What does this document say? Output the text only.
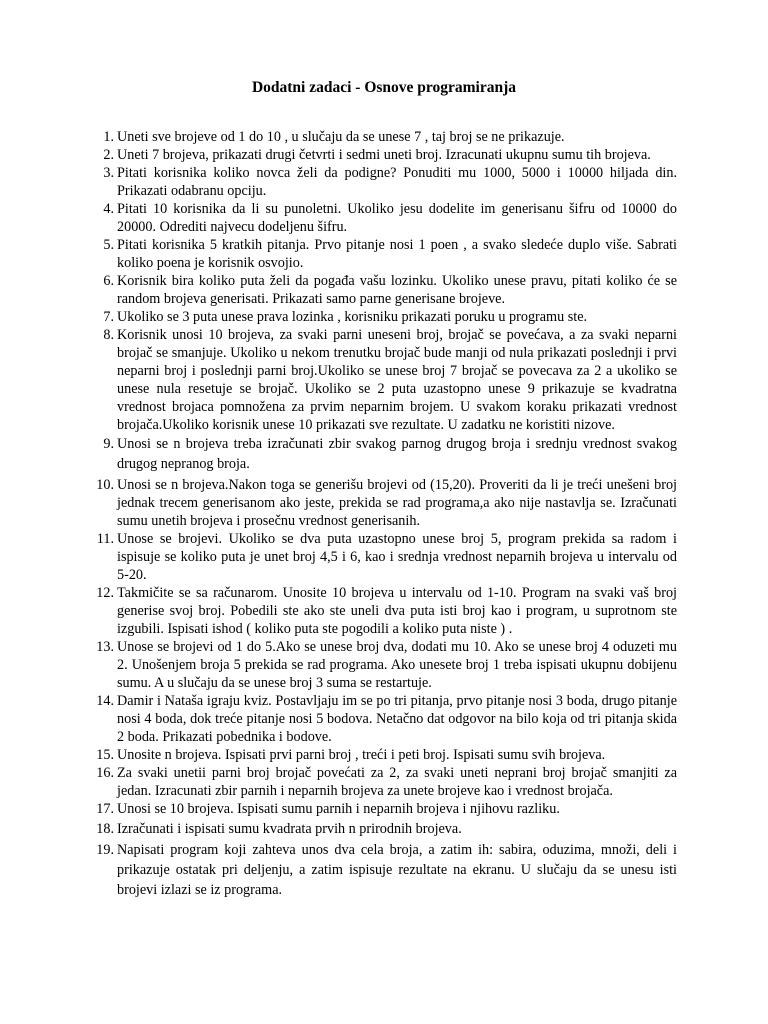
Dodatni zadaci - Osnove programiranja
1. Uneti sve brojeve od 1 do 10 , u slučaju da se unese 7 , taj broj se ne prikazuje.
2. Uneti 7 brojeva, prikazati drugi četvrti i sedmi uneti broj. Izracunati ukupnu sumu tih brojeva.
3. Pitati korisnika koliko novca želi da podigne? Ponuditi mu 1000, 5000 i 10000 hiljada din. Prikazati odabranu opciju.
4. Pitati 10 korisnika da li su punoletni. Ukoliko jesu dodelite im generisanu šifru od 10000 do 20000. Odrediti najvecu dodeljenu šifru.
5. Pitati korisnika 5 kratkih pitanja. Prvo pitanje nosi 1 poen , a svako sledeće duplo više. Sabrati koliko poena je korisnik osvojio.
6. Korisnik bira koliko puta želi da pogađa vašu lozinku. Ukoliko unese pravu, pitati koliko će se random brojeva generisati. Prikazati samo parne generisane brojeve.
7. Ukoliko se 3 puta unese prava lozinka , korisniku prikazati poruku u programu ste.
8. Korisnik unosi 10 brojeva, za svaki parni uneseni broj, brojač se povećava, a za svaki neparni brojač se smanjuje. Ukoliko u nekom trenutku brojač bude manji od nula prikazati poslednji i prvi neparni broj i poslednji parni broj.Ukoliko se unese broj 7 brojač se povecava za 2 a ukoliko se unese nula resetuje se brojač. Ukoliko se 2 puta uzastopno unese 9 prikazuje se kvadratna vrednost brojaca pomnožena za prvim neparnim brojem. U svakom koraku prikazati vrednost brojača.Ukoliko korisnik unese 10 prikazati sve rezultate. U zadatku ne koristiti nizove.
9. Unosi se n brojeva treba izračunati zbir svakog parnog drugog broja i srednju vrednost svakog drugog nepranog broja.
10. Unosi se n brojeva.Nakon toga se generišu brojevi od (15,20). Proveriti da li je treći unešeni broj jednak trecem generisanom ako jeste, prekida se rad programa,a ako nije nastavlja se. Izračunati sumu unetih brojeva i prosečnu vrednost generisanih.
11. Unose se brojevi. Ukoliko se dva puta uzastopno unese broj 5, program prekida sa radom i ispisuje se koliko puta je unet broj 4,5 i 6, kao i srednja vrednost neparnih brojeva u intervalu od 5-20.
12. Takmičite se sa računarom. Unosite 10 brojeva u intervalu od 1-10. Program na svaki vaš broj generise svoj broj. Pobedili ste ako ste uneli dva puta isti broj kao i program, u suprotnom ste izgubili. Ispisati ishod ( koliko puta ste pogodili a koliko puta niste ) .
13. Unose se brojevi od 1 do 5.Ako se unese broj dva, dodati mu 10. Ako se unese broj 4 oduzeti mu 2. Unošenjem broja 5 prekida se rad programa. Ako unesete broj 1 treba ispisati ukupnu dobijenu sumu. A u slučaju da se unese broj 3 suma se restartuje.
14. Damir i Nataša igraju kviz. Postavljaju im se po tri pitanja, prvo pitanje nosi 3 boda, drugo pitanje nosi 4 boda, dok treće pitanje nosi 5 bodova. Netačno dat odgovor na bilo koja od tri pitanja skida 2 boda. Prikazati pobednika i bodove.
15. Unosite n brojeva. Ispisati prvi parni broj , treći i peti broj. Ispisati sumu svih brojeva.
16. Za svaki unetii parni broj brojač povećati za 2, za svaki uneti neprani broj brojač smanjiti za jedan. Izracunati zbir parnih i neparnih brojeva za unete brojeve kao i vrednost brojača.
17. Unosi se 10 brojeva. Ispisati sumu parnih i neparnih brojeva i njihovu razliku.
18. Izračunati i ispisati sumu kvadrata prvih n prirodnih brojeva.
19. Napisati program koji zahteva unos dva cela broja, a zatim ih: sabira, oduzima, množi, deli i prikazuje ostatak pri deljenju, a zatim ispisuje rezultate na ekranu. U slučaju da se unesu isti brojevi izlazi se iz programa.
